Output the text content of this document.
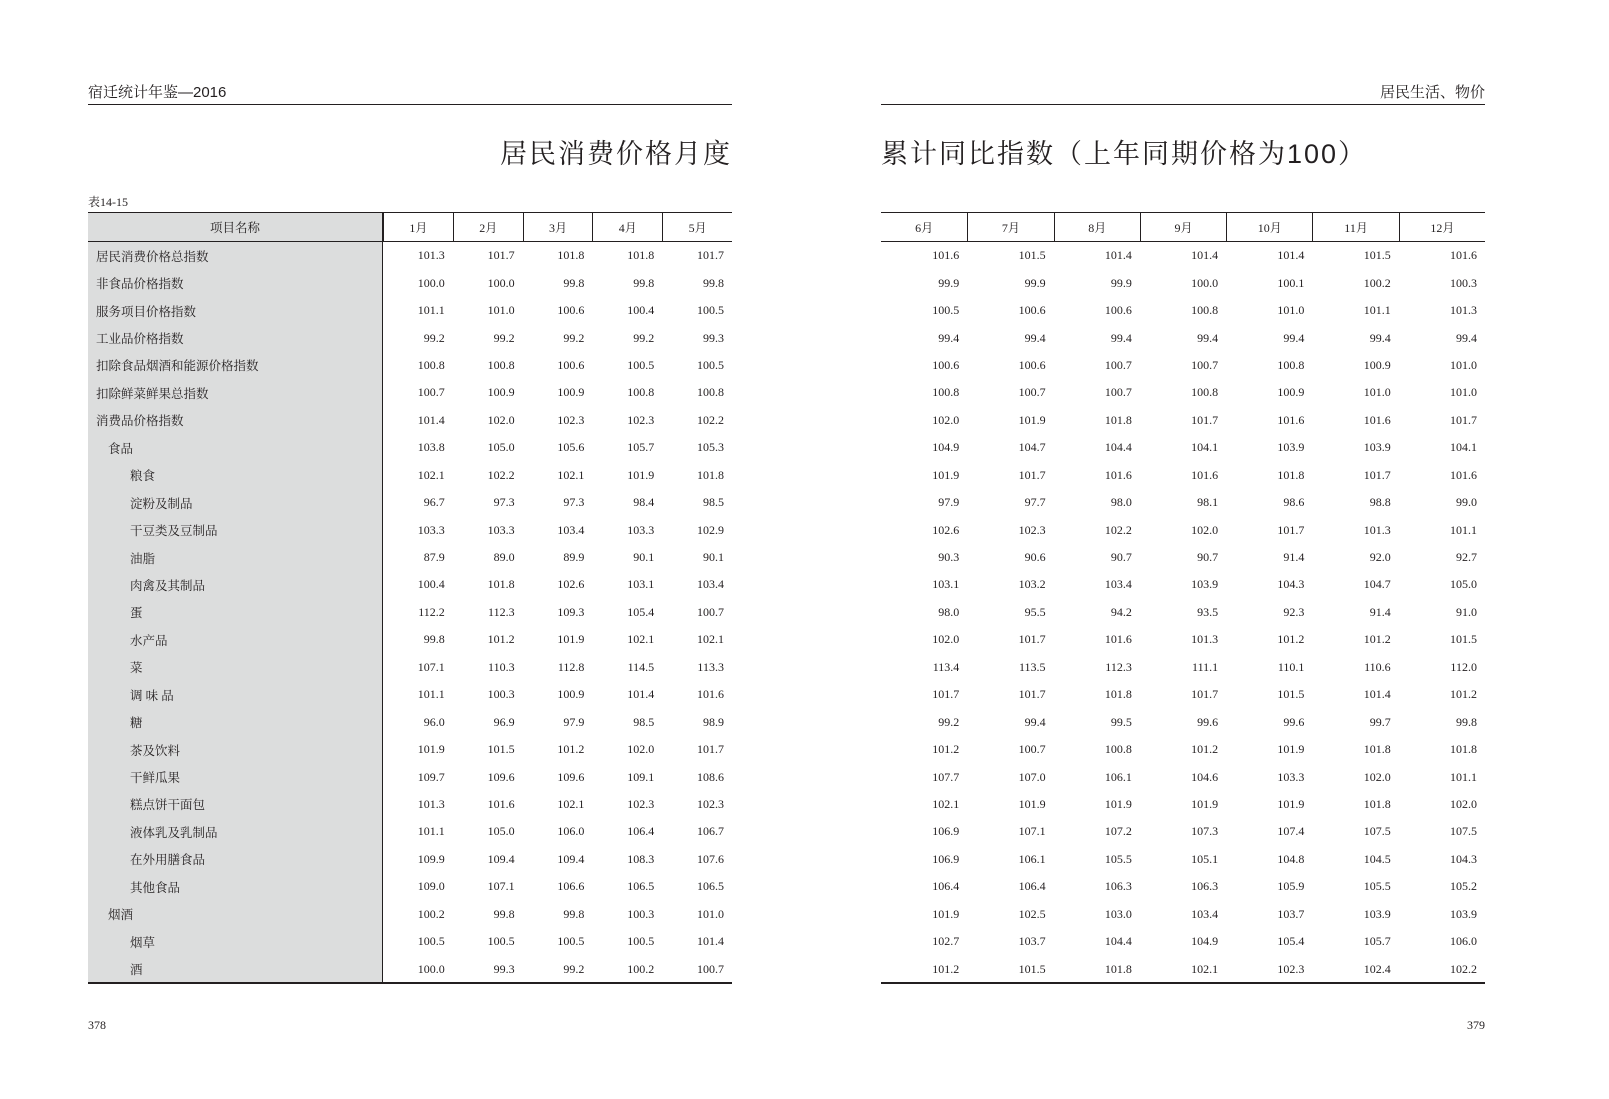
宿迁统计年鉴—2016	居民生活、物价
居民消费价格月度	累计同比指数（上年同期价格为100）
表14-15
项目名称	1月	2月	3月	4月	5月
居民消费价格总指数	101.3	101.7	101.8	101.8	101.7
非食品价格指数	100.0	100.0	99.8	99.8	99.8
服务项目价格指数	101.1	101.0	100.6	100.4	100.5
工业品价格指数	99.2	99.2	99.2	99.2	99.3
扣除食品烟酒和能源价格指数	100.8	100.8	100.6	100.5	100.5
扣除鲜菜鲜果总指数	100.7	100.9	100.9	100.8	100.8
消费品价格指数	101.4	102.0	102.3	102.3	102.2
食品	103.8	105.0	105.6	105.7	105.3
粮食	102.1	102.2	102.1	101.9	101.8
淀粉及制品	96.7	97.3	97.3	98.4	98.5
干豆类及豆制品	103.3	103.3	103.4	103.3	102.9
油脂	87.9	89.0	89.9	90.1	90.1
肉禽及其制品	100.4	101.8	102.6	103.1	103.4
蛋	112.2	112.3	109.3	105.4	100.7
水产品	99.8	101.2	101.9	102.1	102.1
菜	107.1	110.3	112.8	114.5	113.3
调 味 品	101.1	100.3	100.9	101.4	101.6
糖	96.0	96.9	97.9	98.5	98.9
茶及饮料	101.9	101.5	101.2	102.0	101.7
干鲜瓜果	109.7	109.6	109.6	109.1	108.6
糕点饼干面包	101.3	101.6	102.1	102.3	102.3
液体乳及乳制品	101.1	105.0	106.0	106.4	106.7
在外用膳食品	109.9	109.4	109.4	108.3	107.6
其他食品	109.0	107.1	106.6	106.5	106.5
烟酒	100.2	99.8	99.8	100.3	101.0
烟草	100.5	100.5	100.5	100.5	101.4
酒	100.0	99.3	99.2	100.2	100.7
6月	7月	8月	9月	10月	11月	12月
101.6	101.5	101.4	101.4	101.4	101.5	101.6
99.9	99.9	99.9	100.0	100.1	100.2	100.3
100.5	100.6	100.6	100.8	101.0	101.1	101.3
99.4	99.4	99.4	99.4	99.4	99.4	99.4
100.6	100.6	100.7	100.7	100.8	100.9	101.0
100.8	100.7	100.7	100.8	100.9	101.0	101.0
102.0	101.9	101.8	101.7	101.6	101.6	101.7
104.9	104.7	104.4	104.1	103.9	103.9	104.1
101.9	101.7	101.6	101.6	101.8	101.7	101.6
97.9	97.7	98.0	98.1	98.6	98.8	99.0
102.6	102.3	102.2	102.0	101.7	101.3	101.1
90.3	90.6	90.7	90.7	91.4	92.0	92.7
103.1	103.2	103.4	103.9	104.3	104.7	105.0
98.0	95.5	94.2	93.5	92.3	91.4	91.0
102.0	101.7	101.6	101.3	101.2	101.2	101.5
113.4	113.5	112.3	111.1	110.1	110.6	112.0
101.7	101.7	101.8	101.7	101.5	101.4	101.2
99.2	99.4	99.5	99.6	99.6	99.7	99.8
101.2	100.7	100.8	101.2	101.9	101.8	101.8
107.7	107.0	106.1	104.6	103.3	102.0	101.1
102.1	101.9	101.9	101.9	101.9	101.8	102.0
106.9	107.1	107.2	107.3	107.4	107.5	107.5
106.9	106.1	105.5	105.1	104.8	104.5	104.3
106.4	106.4	106.3	106.3	105.9	105.5	105.2
101.9	102.5	103.0	103.4	103.7	103.9	103.9
102.7	103.7	104.4	104.9	105.4	105.7	106.0
101.2	101.5	101.8	102.1	102.3	102.4	102.2
378	379
